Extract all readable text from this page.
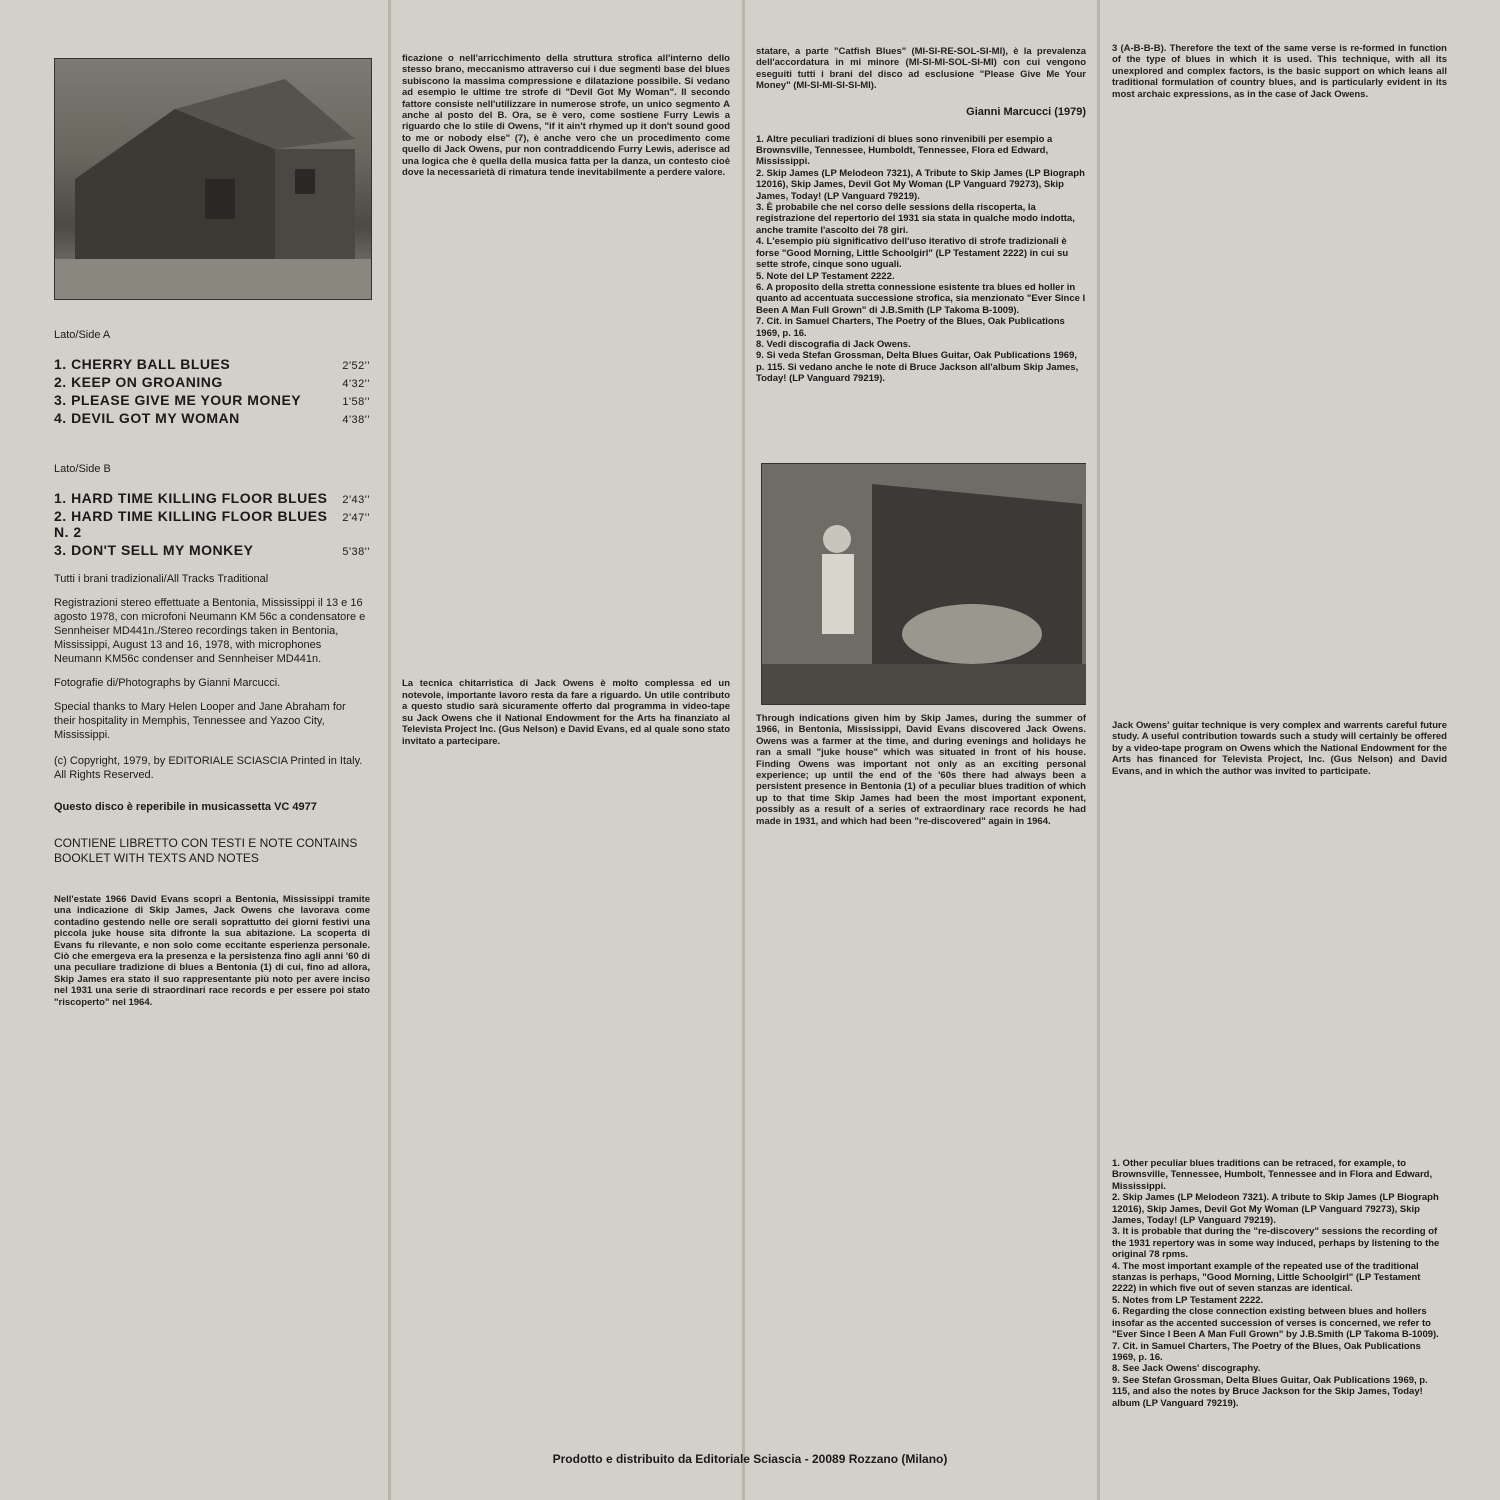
Lato/Side A
1. CHERRY BALL BLUES	2'52''
2. KEEP ON GROANING	4'32''
3. PLEASE GIVE ME YOUR MONEY	1'58''
4. DEVIL GOT MY WOMAN	4'38''
Lato/Side B
1. HARD TIME KILLING FLOOR BLUES	2'43''
2. HARD TIME KILLING FLOOR BLUES N. 2
2'47''
3. DON'T SELL MY MONKEY	5'38''
Tutti i brani tradizionali/All Tracks Traditional
Registrazioni stereo effettuate a Bentonia, Mississippi il 13 e 16 agosto 1978, con microfoni Neumann KM 56c a condensatore e Sennheiser MD441n./Stereo recordings taken in Bentonia, Mississippi, August 13 and 16, 1978, with microphones Neumann KM56c condenser and Sennheiser MD441n.
Fotografie di/Photographs by Gianni Marcucci.
Special thanks to Mary Helen Looper and Jane Abraham for their hospitality in Memphis, Tennessee and Yazoo City, Mississippi.
(c) Copyright, 1979, by EDITORIALE SCIASCIA Printed in Italy. All Rights Reserved.
Questo disco è reperibile in musicassetta VC 4977
CONTIENE LIBRETTO CON TESTI E NOTE CONTAINS BOOKLET WITH TEXTS AND NOTES
Nell'estate 1966 David Evans scoprì a Bentonia, Mississippi tramite una indicazione di Skip James, Jack Owens che lavorava come contadino gestendo nelle ore serali soprattutto dei giorni festivi una piccola juke house sita difronte la sua abitazione. La scoperta di Evans fu rilevante, e non solo come eccitante esperienza personale. Ciò che emergeva era la presenza e la persistenza fino agli anni '60 di una peculiare tradizione di blues a Bentonia (1) di cui, fino ad allora, Skip James era stato il suo rappresentante più noto per avere inciso nel 1931 una serie di straordinari race records e per essere poi stato "riscoperto" nel 1964.
ficazione o nell'arricchimento della struttura strofica all'interno dello stesso brano, meccanismo attraverso cui i due segmenti base del blues subiscono la massima compressione e dilatazione possibile. Si vedano ad esempio le ultime tre strofe di "Devil Got My Woman". Il secondo fattore consiste nell'utilizzare in numerose strofe, un unico segmento A anche al posto del B. Ora, se è vero, come sostiene Furry Lewis a riguardo che lo stile di Owens, "if it ain't rhymed up it don't sound good to me or nobody else" (7), è anche vero che un procedimento come quello di Jack Owens, pur non contraddicendo Furry Lewis, aderisce ad una logica che è quella della musica fatta per la danza, un contesto cioè dove la necessarietà di rimatura tende inevitabilmente a perdere valore.
La tecnica chitarristica di Jack Owens è molto complessa ed un notevole, importante lavoro resta da fare a riguardo. Un utile contributo a questo studio sarà sicuramente offerto dal programma in video-tape su Jack Owens che il National Endowment for the Arts ha finanziato al Televista Project Inc. (Gus Nelson) e David Evans, ed al quale sono stato invitato a partecipare.
statare, a parte "Catfish Blues" (MI-SI-RE-SOL-SI-MI), è la prevalenza dell'accordatura in mi minore (MI-SI-MI-SOL-SI-MI) con cui vengono eseguiti tutti i brani del disco ad esclusione "Please Give Me Your Money" (MI-SI-MI-SI-SI-MI).
Gianni Marcucci (1979)
1. Altre peculiari tradizioni di blues sono rinvenibili per esempio a Brownsville, Tennessee, Humboldt, Tennessee, Flora ed Edward, Mississippi.
2. Skip James (LP Melodeon 7321), A Tribute to Skip James (LP Biograph 12016), Skip James, Devil Got My Woman (LP Vanguard 79273), Skip James, Today! (LP Vanguard 79219).
3. È probabile che nel corso delle sessions della riscoperta, la registrazione del repertorio del 1931 sia stata in qualche modo indotta, anche tramite l'ascolto dei 78 giri.
4. L'esempio più significativo dell'uso iterativo di strofe tradizionali è forse "Good Morning, Little Schoolgirl" (LP Testament 2222) in cui su sette strofe, cinque sono uguali.
5. Note del LP Testament 2222.
6. A proposito della stretta connessione esistente tra blues ed holler in quanto ad accentuata successione strofica, sia menzionato "Ever Since I Been A Man Full Grown" di J.B.Smith (LP Takoma B-1009).
7. Cit. in Samuel Charters, The Poetry of the Blues, Oak Publications 1969, p. 16.
8. Vedi discografia di Jack Owens.
9. Si veda Stefan Grossman, Delta Blues Guitar, Oak Publications 1969, p. 115. Si vedano anche le note di Bruce Jackson all'album Skip James, Today! (LP Vanguard 79219).
Through indications given him by Skip James, during the summer of 1966, in Bentonia, Mississippi, David Evans discovered Jack Owens. Owens was a farmer at the time, and during evenings and holidays he ran a small "juke house" which was situated in front of his house. Finding Owens was important not only as an exciting personal experience; up until the end of the '60s there had always been a persistent presence in Bentonia (1) of a peculiar blues tradition of which up to that time Skip James had been the most important exponent, possibly as a result of a series of extraordinary race records he had made in 1931, and which had been "re-discovered" again in 1964.
3 (A-B-B-B). Therefore the text of the same verse is re-formed in function of the type of blues in which it is used. This technique, with all its unexplored and complex factors, is the basic support on which leans all traditional formulation of country blues, and is particularly evident in its most archaic expressions, as in the case of Jack Owens.
Jack Owens' guitar technique is very complex and warrents careful future study. A useful contribution towards such a study will certainly be offered by a video-tape program on Owens which the National Endowment for the Arts has financed for Televista Project, Inc. (Gus Nelson) and David Evans, and in which the author was invited to participate.
1. Other peculiar blues traditions can be retraced, for example, to Brownsville, Tennessee, Humbolt, Tennessee and in Flora and Edward, Mississippi.
2. Skip James (LP Melodeon 7321). A tribute to Skip James (LP Biograph 12016), Skip James, Devil Got My Woman (LP Vanguard 79273), Skip James, Today! (LP Vanguard 79219).
3. It is probable that during the "re-discovery" sessions the recording of the 1931 repertory was in some way induced, perhaps by listening to the original 78 rpms.
4. The most important example of the repeated use of the traditional stanzas is perhaps, "Good Morning, Little Schoolgirl" (LP Testament 2222) in which five out of seven stanzas are identical.
5. Notes from LP Testament 2222.
6. Regarding the close connection existing between blues and hollers insofar as the accented succession of verses is concerned, we refer to "Ever Since I Been A Man Full Grown" by J.B.Smith (LP Takoma B-1009).
7. Cit. in Samuel Charters, The Poetry of the Blues, Oak Publications 1969, p. 16.
8. See Jack Owens' discography.
9. See Stefan Grossman, Delta Blues Guitar, Oak Publications 1969, p. 115, and also the notes by Bruce Jackson for the Skip James, Today! album (LP Vanguard 79219).
Prodotto e distribuito da Editoriale Sciascia - 20089 Rozzano (Milano)
